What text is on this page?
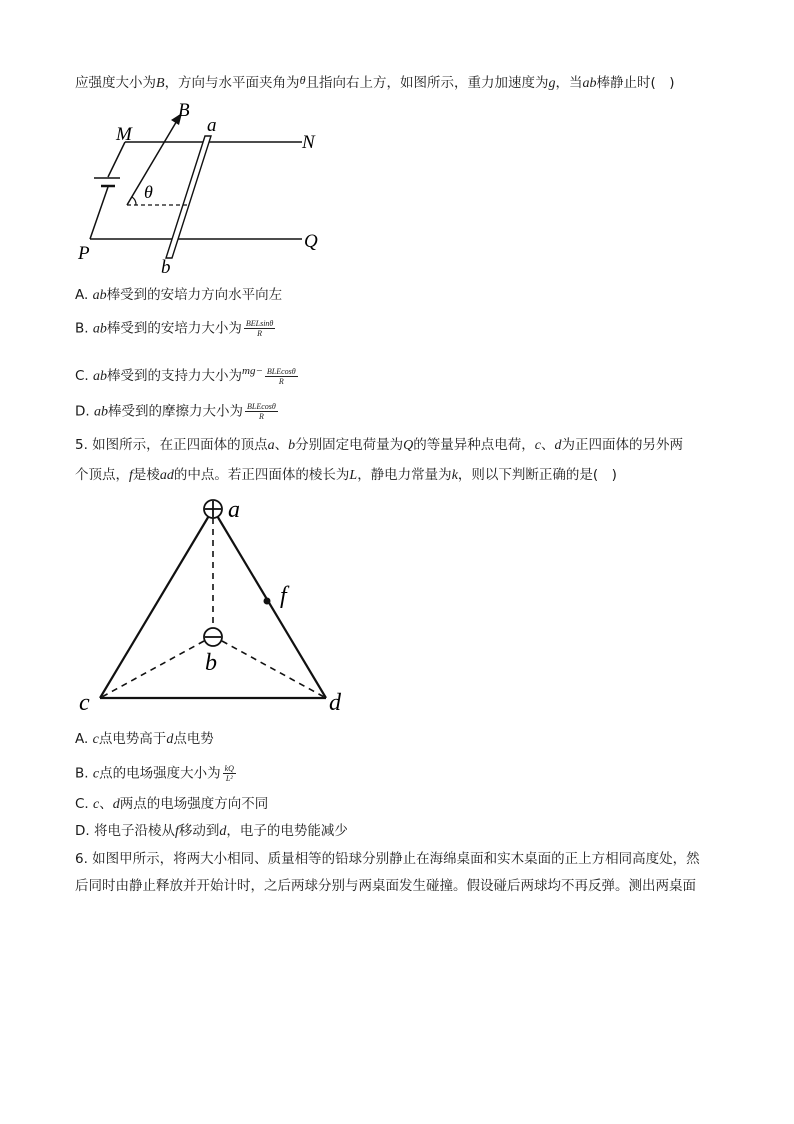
应强度大小为B，方向与水平面夹角为θ且指向右上方，如图所示，重力加速度为g，当ab棒静止时(　)
M	N
P
Q
a
b
B
θ
A. ab棒受到的安培力方向水平向左
B. ab棒受到的安培力大小为 $\frac{\text{BELsinθ}}{R}$
C. ab棒受到的支持力大小为$^{mg-} \frac{\text{BLEcosθ}}{R}$
D. ab棒受到的摩擦力大小为 $\frac{\text{BLEcosθ}}{R}$
5. 如图所示，在正四面体的顶点a、b分别固定电荷量为Q的等量异种点电荷，c、d为正四面体的另外两
个顶点，f是棱ad的中点。若正四面体的棱长为L，静电力常量为k，则以下判断正确的是(　)
a
f
b
c	d
A. c点电势高于d点电势
B. c点的电场强度大小为 $\frac{kQ}{\text{L²}}$
C. c、d两点的电场强度方向不同
D. 将电子沿棱从f移动到d，电子的电势能减少
6. 如图甲所示，将两大小相同、质量相等的铅球分别静止在海绵桌面和实木桌面的正上方相同高度处，然
后同时由静止释放并开始计时，之后两球分别与两桌面发生碰撞。假设碰后两球均不再反弹。测出两桌面
